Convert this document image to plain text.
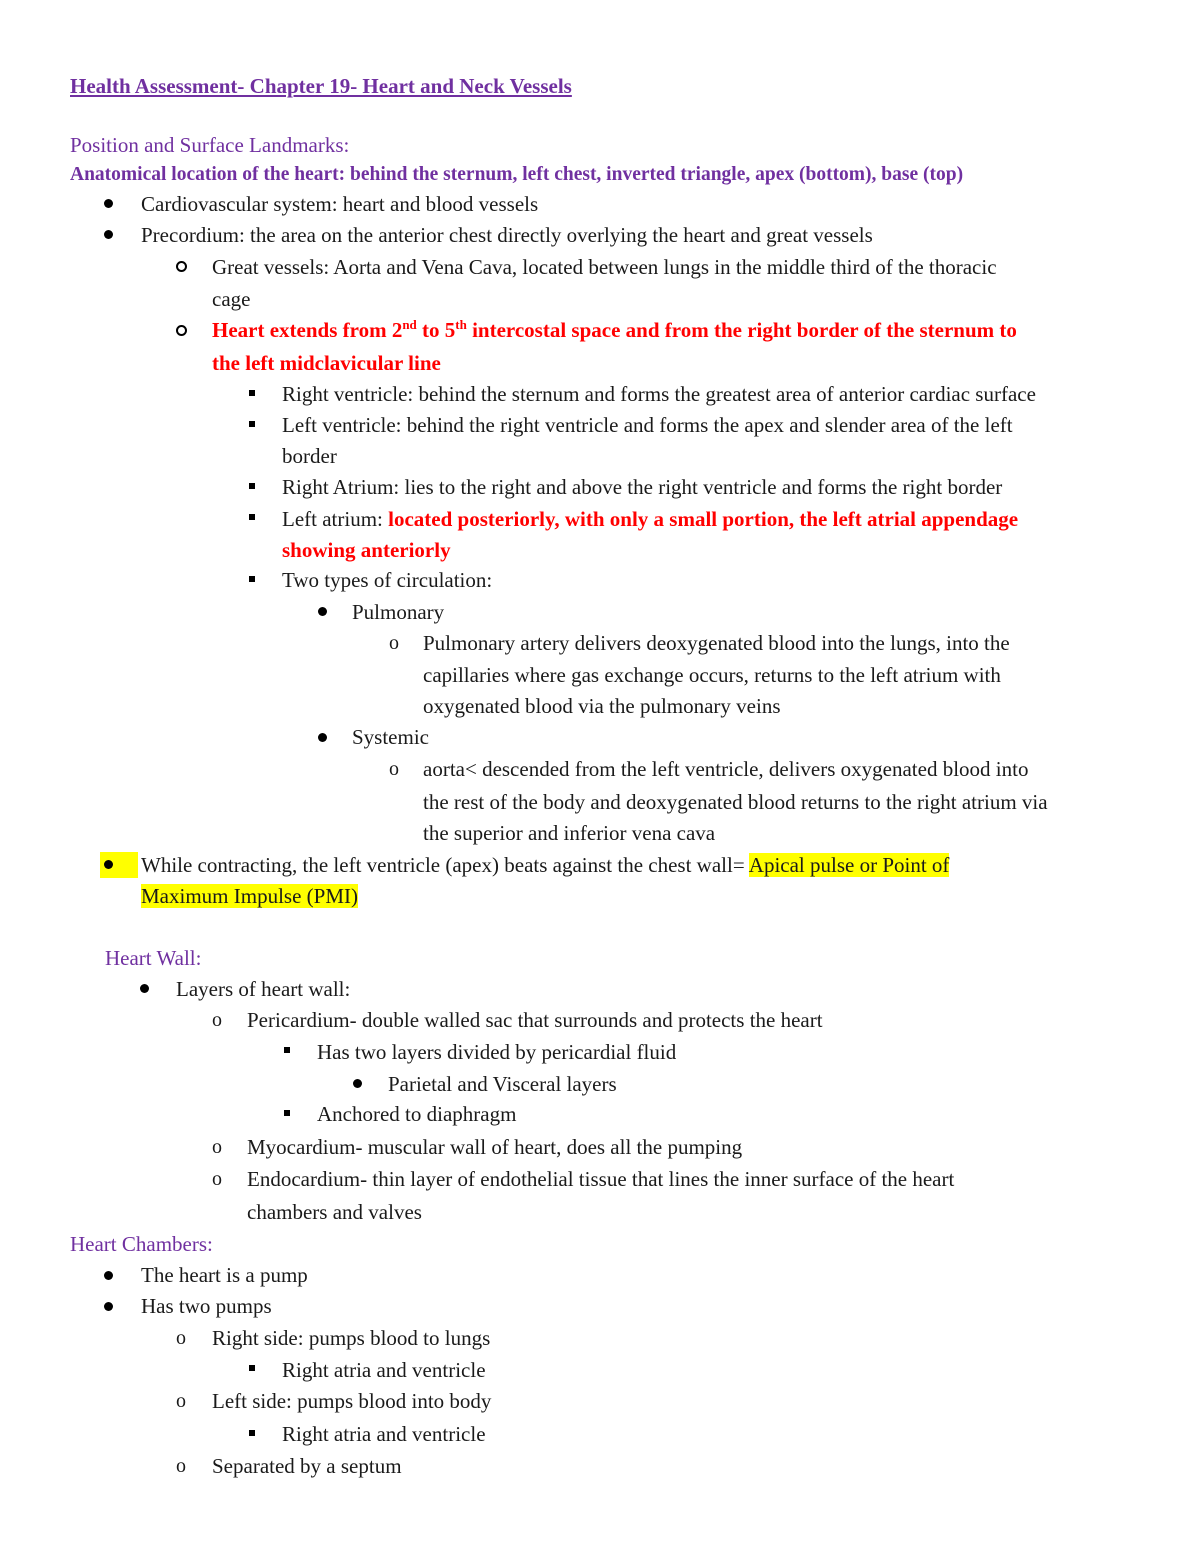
Health Assessment- Chapter 19- Heart and Neck Vessels
Position and Surface Landmarks:
Anatomical location of the heart: behind the sternum, left chest, inverted triangle, apex (bottom), base (top)
Cardiovascular system: heart and blood vessels
Precordium: the area on the anterior chest directly overlying the heart and great vessels
Great vessels: Aorta and Vena Cava, located between lungs in the middle third of the thoracic
cage
Heart extends from 2nd to 5th intercostal space and from the right border of the sternum to
the left midclavicular line
Right ventricle: behind the sternum and forms the greatest area of anterior cardiac surface
Left ventricle: behind the right ventricle and forms the apex and slender area of the left
border
Right Atrium: lies to the right and above the right ventricle and forms the right border
Left atrium: located posteriorly, with only a small portion, the left atrial appendage
showing anteriorly
Two types of circulation:
Pulmonary
o Pulmonary artery delivers deoxygenated blood into the lungs, into the
capillaries where gas exchange occurs, returns to the left atrium with
oxygenated blood via the pulmonary veins
Systemic
o aorta< descended from the left ventricle, delivers oxygenated blood into
the rest of the body and deoxygenated blood returns to the right atrium via
the superior and inferior vena cava
While contracting, the left ventricle (apex) beats against the chest wall= Apical pulse or Point of
Maximum Impulse (PMI)
Heart Wall:
Layers of heart wall:
o Pericardium- double walled sac that surrounds and protects the heart
Has two layers divided by pericardial fluid
Parietal and Visceral layers
Anchored to diaphragm
o Myocardium- muscular wall of heart, does all the pumping
o Endocardium- thin layer of endothelial tissue that lines the inner surface of the heart
chambers and valves
Heart Chambers:
The heart is a pump
Has two pumps
o Right side: pumps blood to lungs
Right atria and ventricle
o Left side: pumps blood into body
Right atria and ventricle
o Separated by a septum
